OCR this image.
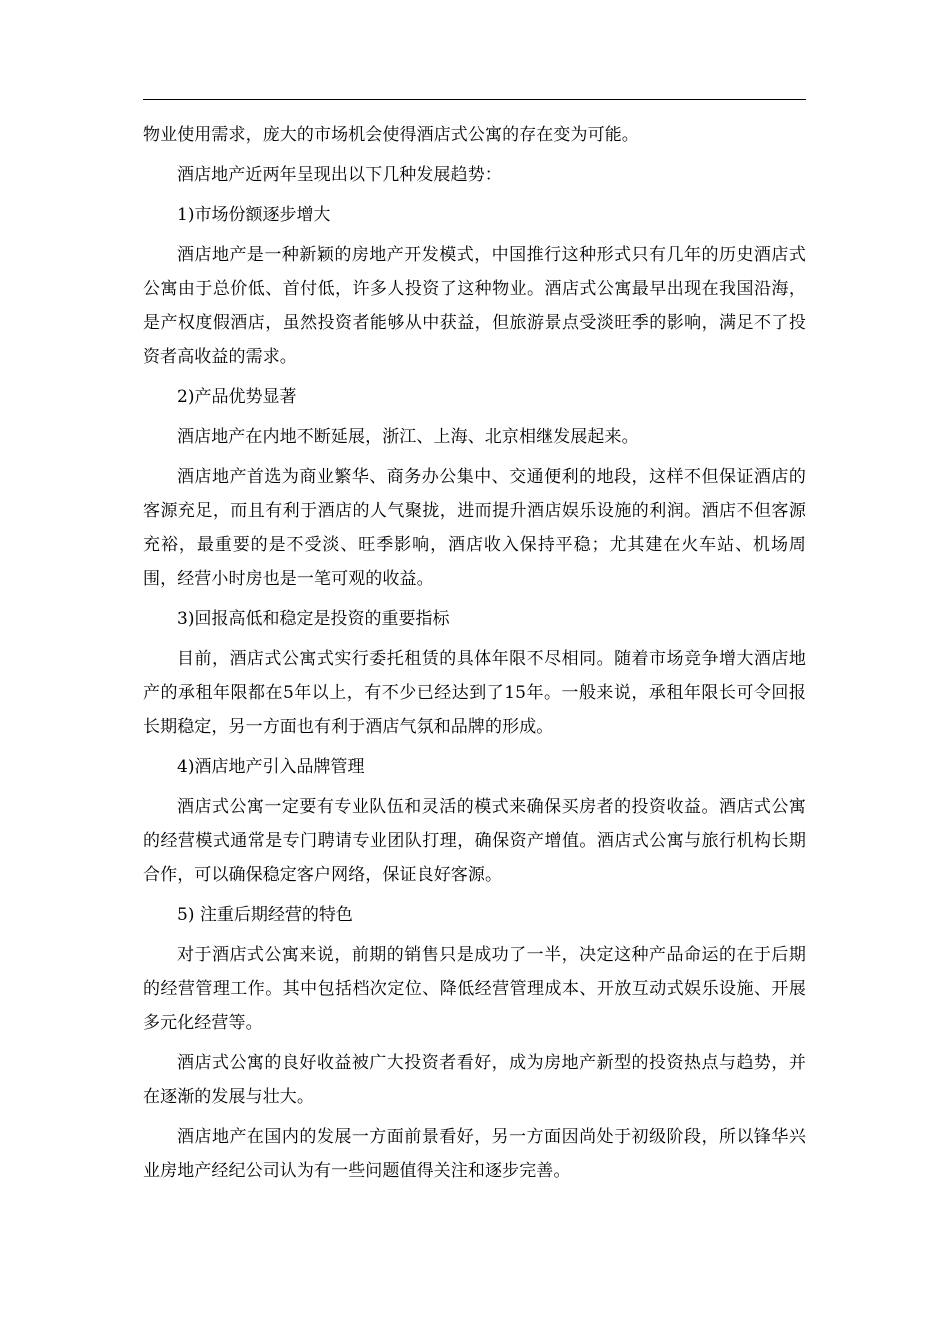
物业使用需求，庞大的市场机会使得酒店式公寓的存在变为可能。

酒店地产近两年呈现出以下几种发展趋势：

1)市场份额逐步增大

酒店地产是一种新颖的房地产开发模式，中国推行这种形式只有几年的历史酒店式公寓由于总价低、首付低，许多人投资了这种物业。酒店式公寓最早出现在我国沿海，是产权度假酒店，虽然投资者能够从中获益，但旅游景点受淡旺季的影响，满足不了投资者高收益的需求。

2)产品优势显著

酒店地产在内地不断延展，浙江、上海、北京相继发展起来。

酒店地产首选为商业繁华、商务办公集中、交通便利的地段，这样不但保证酒店的客源充足，而且有利于酒店的人气聚拢，进而提升酒店娱乐设施的利润。酒店不但客源充裕，最重要的是不受淡、旺季影响，酒店收入保持平稳；尤其建在火车站、机场周围，经营小时房也是一笔可观的收益。

3)回报高低和稳定是投资的重要指标

目前，酒店式公寓式实行委托租赁的具体年限不尽相同。随着市场竞争增大酒店地产的承租年限都在5年以上，有不少已经达到了15年。一般来说，承租年限长可令回报长期稳定，另一方面也有利于酒店气氛和品牌的形成。

4)酒店地产引入品牌管理

酒店式公寓一定要有专业队伍和灵活的模式来确保买房者的投资收益。酒店式公寓的经营模式通常是专门聘请专业团队打理，确保资产增值。酒店式公寓与旅行机构长期合作，可以确保稳定客户网络，保证良好客源。

5) 注重后期经营的特色

对于酒店式公寓来说，前期的销售只是成功了一半，决定这种产品命运的在于后期的经营管理工作。其中包括档次定位、降低经营管理成本、开放互动式娱乐设施、开展多元化经营等。

酒店式公寓的良好收益被广大投资者看好，成为房地产新型的投资热点与趋势，并在逐渐的发展与壮大。

酒店地产在国内的发展一方面前景看好，另一方面因尚处于初级阶段，所以锋华兴业房地产经纪公司认为有一些问题值得关注和逐步完善。
